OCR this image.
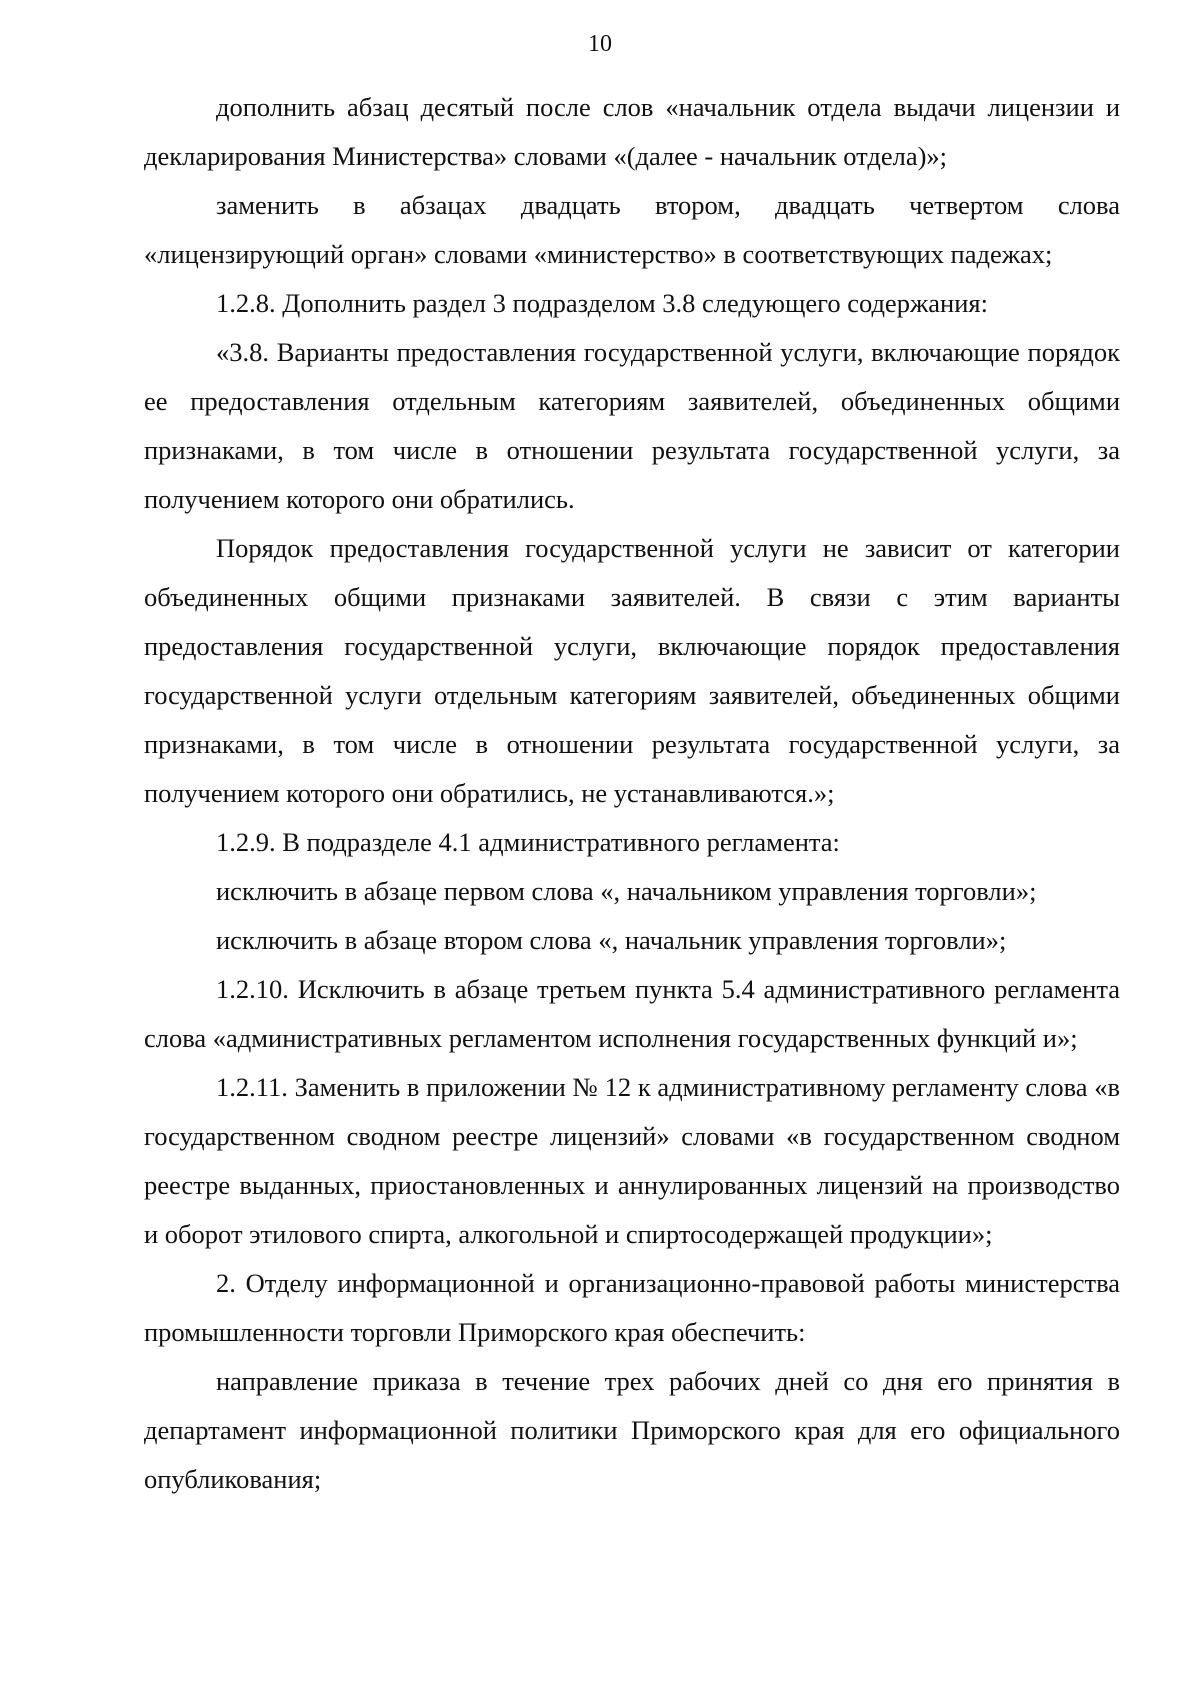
10

дополнить абзац десятый после слов «начальник отдела выдачи лицензии и декларирования Министерства» словами «(далее - начальник отдела)»;

заменить в абзацах двадцать втором, двадцать четвертом слова «лицензирующий орган» словами «министерство» в соответствующих падежах;

1.2.8. Дополнить раздел 3 подразделом 3.8 следующего содержания:

«3.8. Варианты предоставления государственной услуги, включающие порядок ее предоставления отдельным категориям заявителей, объединенных общими признаками, в том числе в отношении результата государственной услуги, за получением которого они обратились.

Порядок предоставления государственной услуги не зависит от категории объединенных общими признаками заявителей. В связи с этим варианты предоставления государственной услуги, включающие порядок предоставления государственной услуги отдельным категориям заявителей, объединенных общими признаками, в том числе в отношении результата государственной услуги, за получением которого они обратились, не устанавливаются.»;

1.2.9. В подразделе 4.1 административного регламента:

исключить в абзаце первом слова «, начальником управления торговли»;

исключить в абзаце втором слова «, начальник управления торговли»;

1.2.10. Исключить в абзаце третьем пункта 5.4 административного регламента слова «административных регламентом исполнения государственных функций и»;

1.2.11. Заменить в приложении № 12 к административному регламенту слова «в государственном сводном реестре лицензий» словами «в государственном сводном реестре выданных, приостановленных и аннулированных лицензий на производство и оборот этилового спирта, алкогольной и спиртосодержащей продукции»;

2. Отделу информационной и организационно-правовой работы министерства промышленности торговли Приморского края обеспечить:

направление приказа в течение трех рабочих дней со дня его принятия в департамент информационной политики Приморского края для его официального опубликования;
